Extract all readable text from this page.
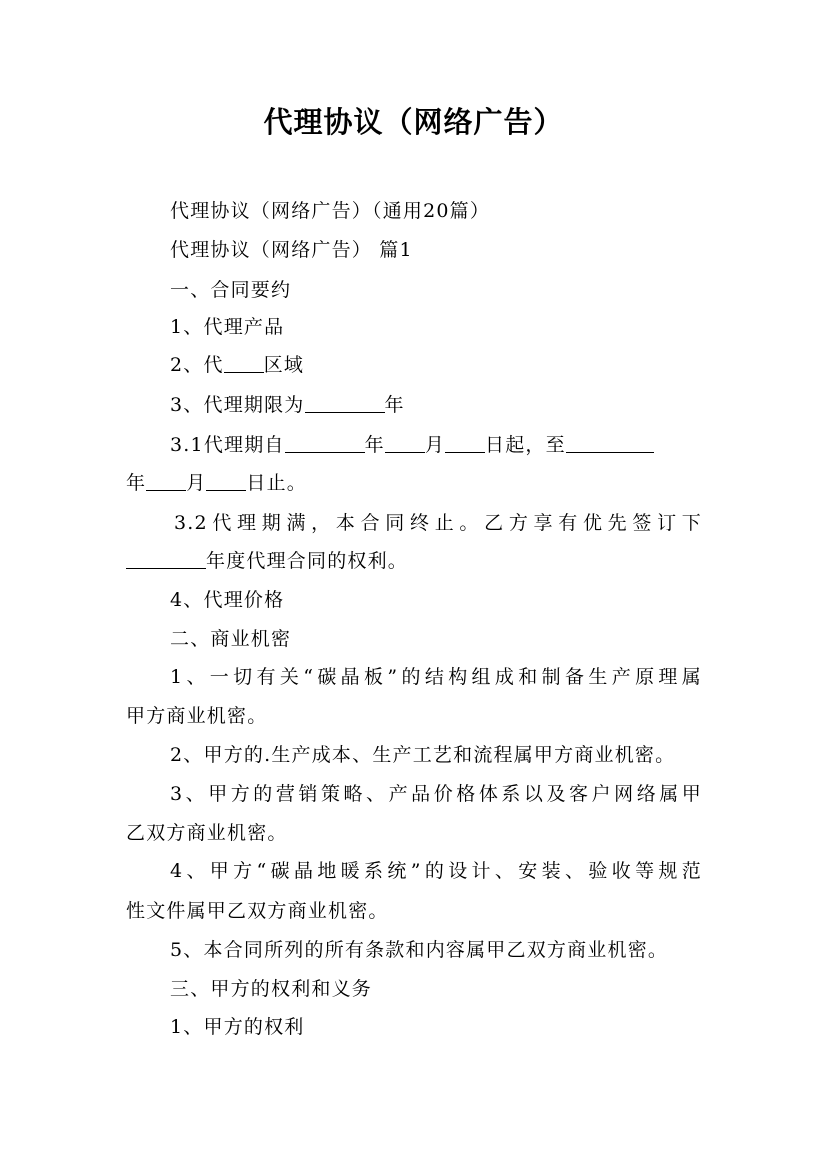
代理协议（网络广告）
代理协议（网络广告）（通用20篇）
代理协议（网络广告） 篇1
一、合同要约
1、代理产品
2、代 区域
3、代理期限为	年
3.1代理期自	年 月 日起，至
年 月 日止。
3.2代理期满，本合同终止。乙方享有优先签订下
年度代理合同的权利。
4、代理价格
二、商业机密
1、一切有关“碳晶板”的结构组成和制备生产原理属
甲方商业机密。
2、甲方的.生产成本、生产工艺和流程属甲方商业机密。
3、甲方的营销策略、产品价格体系以及客户网络属甲
乙双方商业机密。
4、甲方“碳晶地暖系统”的设计、安装、验收等规范
性文件属甲乙双方商业机密。
5、本合同所列的所有条款和内容属甲乙双方商业机密。
三、甲方的权利和义务
1、甲方的权利
